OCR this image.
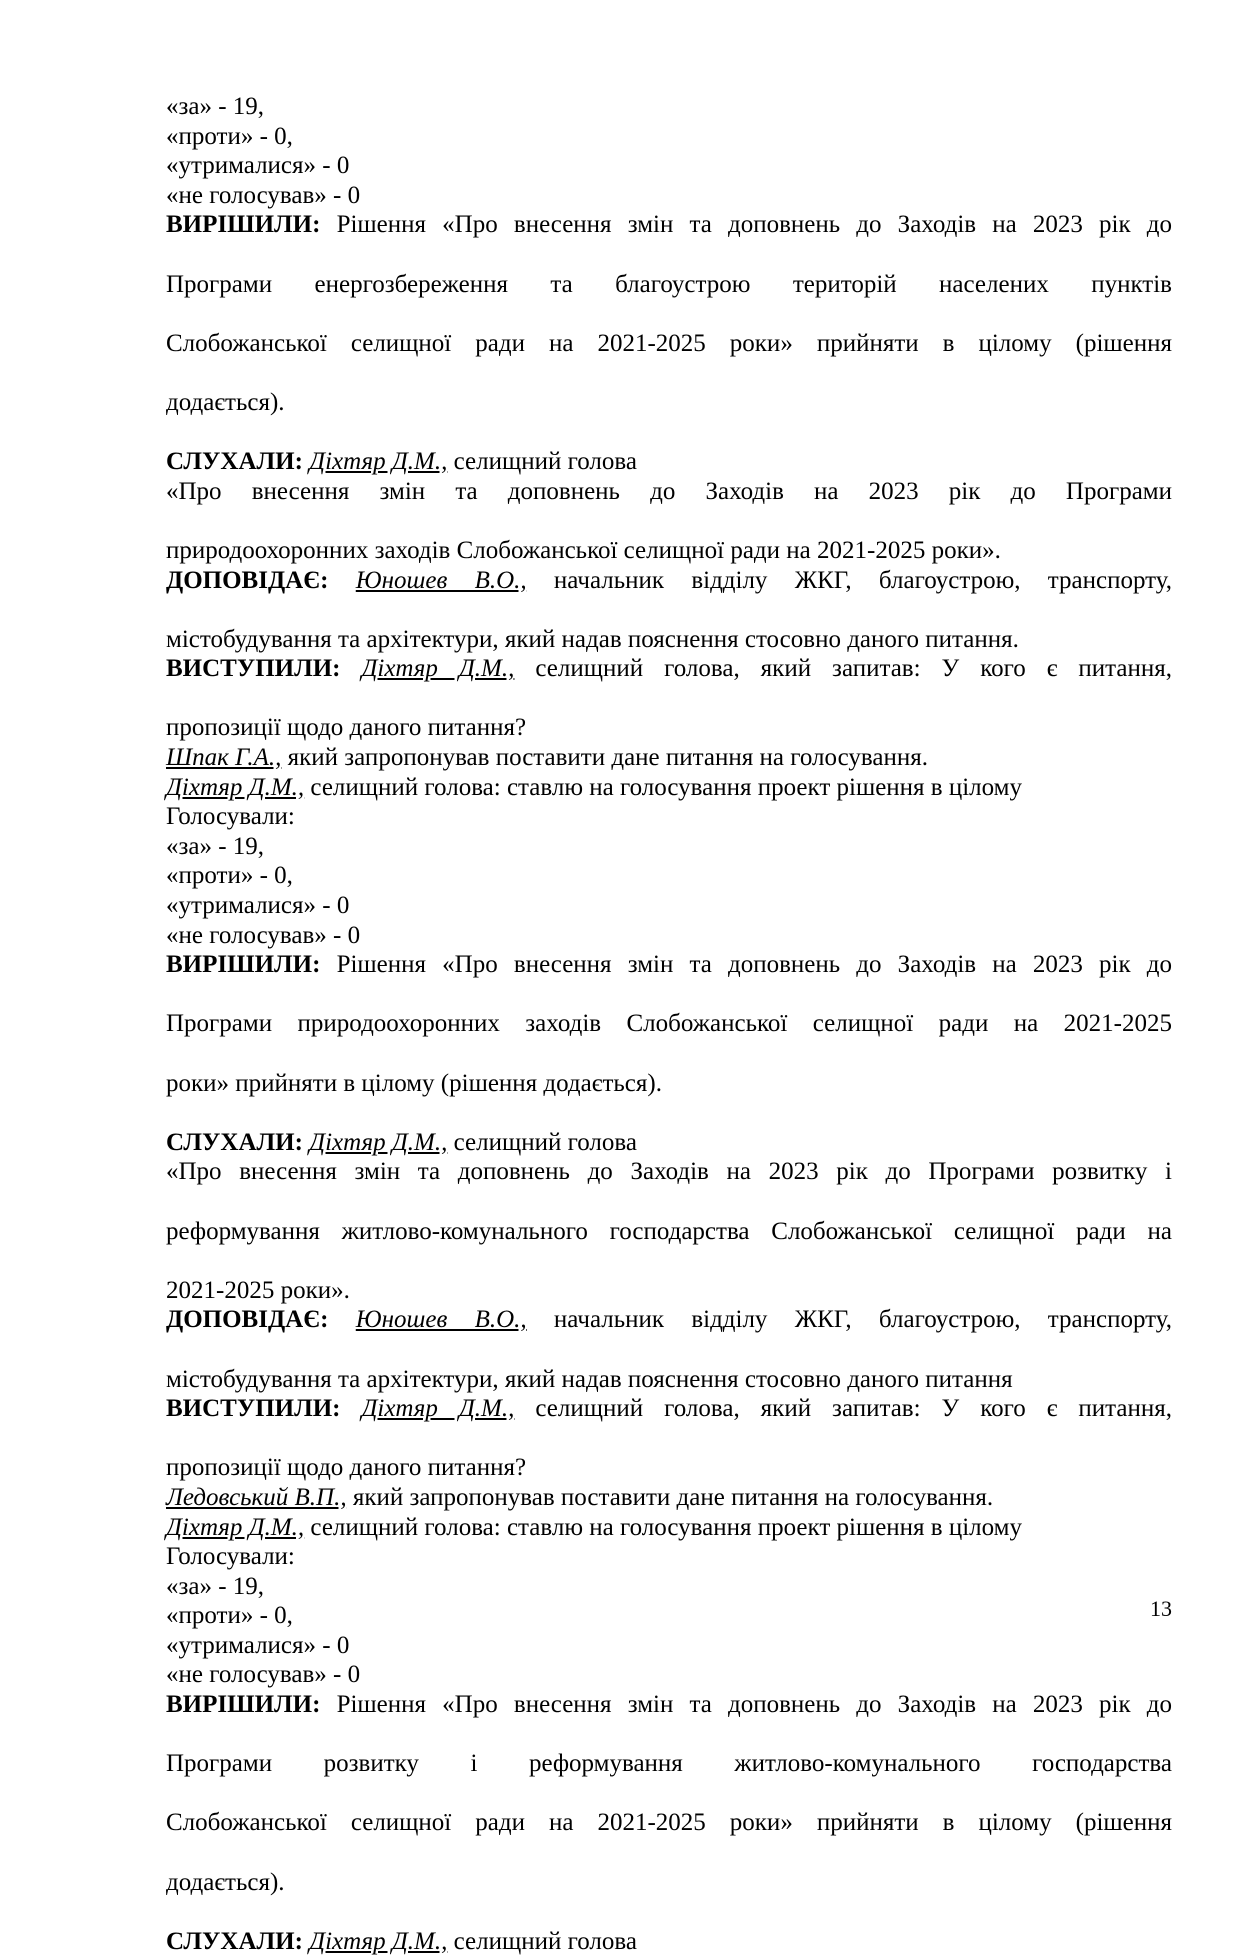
«за» - 19,

«проти» - 0,

«утрималися» - 0

«не голосував» - 0

ВИРІШИЛИ: Рішення «Про внесення змін та доповнень до Заходів на 2023 рік до
Програми енергозбереження та благоустрою територій населених пунктів
Слобожанської селищної ради на 2021-2025 роки» прийняти в цілому (рішення
додається).

СЛУХАЛИ: Діхтяр Д.М., селищний голова

«Про внесення змін та доповнень до Заходів на 2023 рік до Програми
природоохоронних заходів Слобожанської селищної ради на 2021-2025 роки».
ДОПОВІДАЄ: Юношев В.О., начальник відділу ЖКГ, благоустрою, транспорту,
містобудування та архітектури, який надав пояснення стосовно даного питання.
ВИСТУПИЛИ: Діхтяр Д.М., селищний голова, який запитав: У кого є питання,
пропозиції щодо даного питання?

Шпак Г.А., який запропонував поставити дане питання на голосування.

Діхтяр Д.М., селищний голова: ставлю на голосування проект рішення в цілому

Голосували:

«за» - 19,

«проти» - 0,

«утрималися» - 0

«не голосував» - 0

ВИРІШИЛИ: Рішення «Про внесення змін та доповнень до Заходів на 2023 рік до
Програми природоохоронних заходів Слобожанської селищної ради на 2021-2025
роки» прийняти в цілому (рішення додається).

СЛУХАЛИ: Діхтяр Д.М., селищний голова

«Про внесення змін та доповнень до Заходів на 2023 рік до Програми розвитку і
реформування житлово-комунального господарства Слобожанської селищної ради на
2021-2025 роки».
ДОПОВІДАЄ: Юношев В.О., начальник відділу ЖКГ, благоустрою, транспорту,
містобудування та архітектури, який надав пояснення стосовно даного питання
ВИСТУПИЛИ: Діхтяр Д.М., селищний голова, який запитав: У кого є питання,
пропозиції щодо даного питання?

Ледовський В.П., який запропонував поставити дане питання на голосування.

Діхтяр Д.М., селищний голова: ставлю на голосування проект рішення в цілому

Голосували:

«за» - 19,

«проти» - 0,

«утрималися» - 0

«не голосував» - 0

ВИРІШИЛИ: Рішення «Про внесення змін та доповнень до Заходів на 2023 рік до
Програми розвитку і реформування житлово-комунального господарства
Слобожанської селищної ради на 2021-2025 роки» прийняти в цілому (рішення
додається).

СЛУХАЛИ: Діхтяр Д.М., селищний голова

13
